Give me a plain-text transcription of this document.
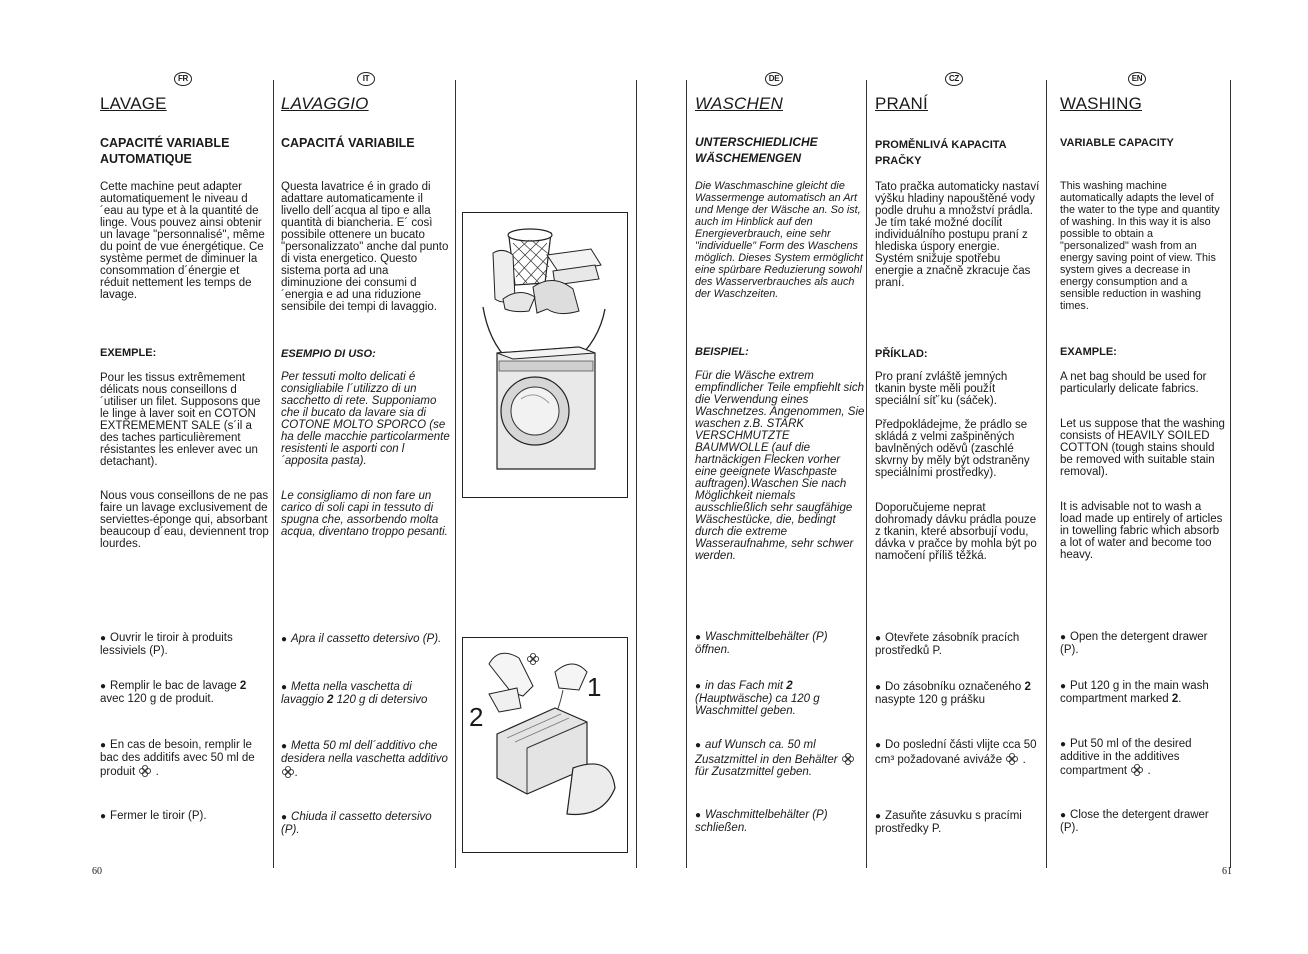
FR	IT	DE	CZ	EN
LAVAGE
CAPACITÉ VARIABLE AUTOMATIQUE
Cette machine peut adapter automatiquement le niveau d´eau au type et à la quantité de linge. Vous pouvez ainsi obtenir un lavage "personnalisé", même du point de vue énergétique. Ce système permet de diminuer la consommation d´énergie et réduit nettement les temps de lavage.
EXEMPLE:
Pour les tissus extrêmement délicats nous conseillons d´utiliser un filet. Supposons que le linge à laver soit en COTON EXTREMEMENT SALE (s´il a des taches particulièrement résistantes les enlever avec un detachant).
Nous vous conseillons de ne pas faire un lavage exclusivement de serviettes-éponge qui, absorbant beaucoup d´eau, deviennent trop lourdes.
● Ouvrir le tiroir à produits lessiviels (P).
● Remplir le bac de lavage 2 avec 120 g de produit.
● En cas de besoin, remplir le bac des additifs avec 50 ml de produit .
● Fermer le tiroir (P).
LAVAGGIO
CAPACITÁ VARIABILE
Questa lavatrice é in grado di adattare automaticamente il livello dell´acqua al tipo e alla quantità di biancheria. E´ così possibile ottenere un bucato "personalizzato" anche dal punto di vista energetico. Questo sistema porta ad una diminuzione dei consumi d´energia e ad una riduzione sensibile dei tempi di lavaggio.
ESEMPIO DI USO:
Per tessuti molto delicati é consigliabile l´utilizzo di un sacchetto di rete. Supponiamo che il bucato da lavare sia di COTONE MOLTO SPORCO (se ha delle macchie particolarmente resistenti le asporti con l´apposita pasta).
Le consigliamo di non fare un carico di soli capi in tessuto di spugna che, assorbendo molta acqua, diventano troppo pesanti.
● Apra il cassetto detersivo (P).
● Metta nella vaschetta di lavaggio 2 120 g di detersivo
● Metta 50 ml dell´additivo che desidera nella vaschetta additivo.
● Chiuda il cassetto detersivo (P).
1
2
WASCHEN
UNTERSCHIEDLICHE WÄSCHEMENGEN
Die Waschmaschine gleicht die Wassermenge automatisch an Art und Menge der Wäsche an. So ist, auch im Hinblick auf den Energieverbrauch, eine sehr "individuelle" Form des Waschens möglich. Dieses System ermöglicht eine spürbare Reduzierung sowohl des Wasserverbrauches als auch der Waschzeiten.
BEISPIEL:
Für die Wäsche extrem empfindlicher Teile empfiehlt sich die Verwendung eines Waschnetzes. Angenommen, Sie waschen z.B. STARK VERSCHMUTZTE BAUMWOLLE (auf die hartnäckigen Flecken vorher eine geeignete Waschpaste auftragen).Waschen Sie nach Möglichkeit niemals ausschließlich sehr saugfähige Wäschestücke, die, bedingt durch die extreme Wasseraufnahme, sehr schwer werden.
● Waschmittelbehälter (P) öffnen.
● in das Fach mit 2 (Hauptwäsche) ca 120 g Waschmittel geben.
● auf Wunsch ca. 50 ml Zusatzmittel in den Behälter  für Zusatzmittel geben.
● Waschmittelbehälter (P) schließen.
PRANÍ
PROMĚNLIVÁ KAPACITA PRAČKY
Tato pračka automaticky nastaví výšku hladiny napouštěné vody podle druhu a množství prádla. Je tím také možné docílit individuálního postupu praní z hlediska úspory energie. Systém snižuje spotřebu energie a značně zkracuje čas praní.
PŘÍKLAD:
Pro praní zvláště jemných tkanin byste měli použít speciální síť´ku (sáček).
Předpokládejme, že prádlo se skládá z velmi zašpiněných bavlněných oděvů (zaschlé skvrny by měly být odstraněny speciálními prostředky).
Doporučujeme neprat dohromady dávku prádla pouze z tkanin, které absorbují vodu, dávka v pračce by mohla být po namočení příliš těžká.
● Otevřete zásobník pracích prostředků P.
● Do zásobníku označeného 2 nasypte 120 g prášku
● Do poslední části vlijte cca 50 cm³ požadované aviváže .
● Zasuňte zásuvku s pracími prostředky P.
WASHING
VARIABLE CAPACITY
This washing machine automatically adapts the level of the water to the type and quantity of washing. In this way it is also possible to obtain a "personalized" wash from an energy saving point of view. This system gives a decrease in energy consumption and a sensible reduction in washing times.
EXAMPLE:
A net bag should be used for particularly delicate fabrics.
Let us suppose that the washing consists of HEAVILY SOILED COTTON (tough stains should be removed with suitable stain removal).
It is advisable not to wash a load made up entirely of articles in towelling fabric which absorb a lot of water and become too heavy.
● Open the detergent drawer (P).
● Put 120 g in the main wash compartment marked 2.
● Put 50 ml of the desired additive in the additives compartment .
● Close the detergent drawer (P).
60	61
